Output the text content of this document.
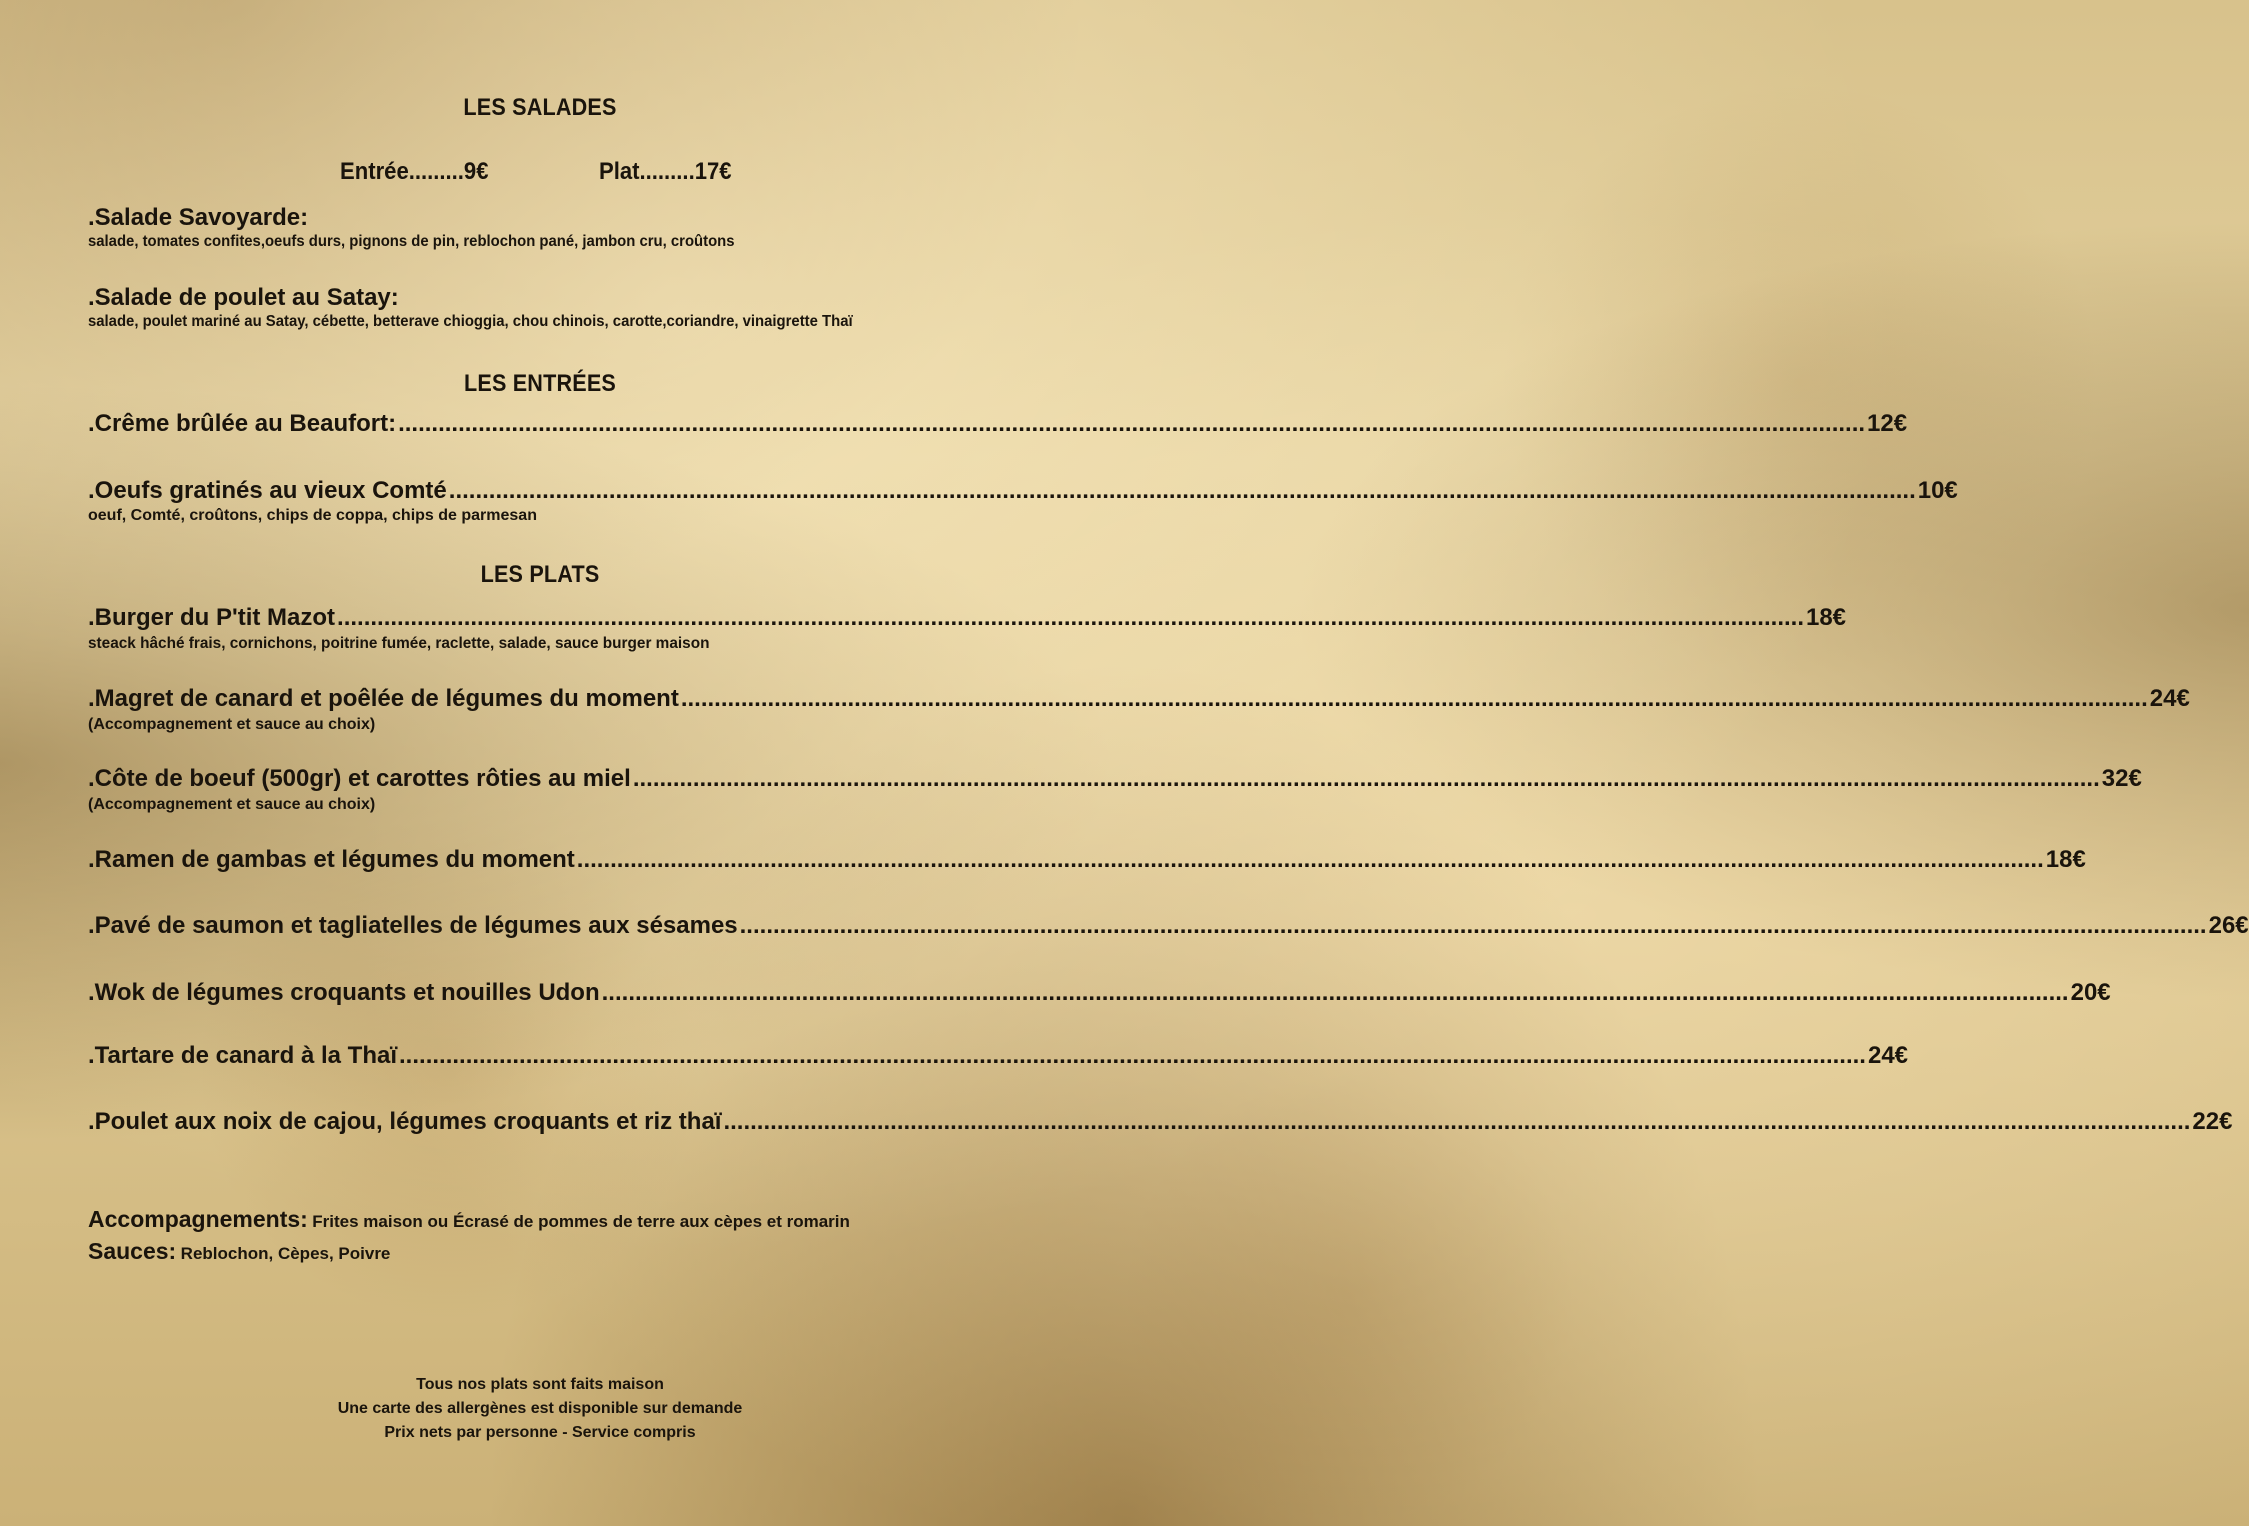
LES SALADES
Entrée.........9€	Plat.........17€
.Salade Savoyarde:
salade, tomates confites,oeufs durs, pignons de pin, reblochon pané, jambon cru, croûtons
.Salade de poulet au Satay:
salade, poulet mariné au Satay, cébette, betterave chioggia, chou chinois, carotte,coriandre, vinaigrette Thaï
LES ENTRÉES
.Crême brûlée au Beaufort: ............................................................................................................................................................................................................................ 12€
.Oeufs gratinés au vieux Comté ............................................................................................................................................................................................................................ 10€
oeuf, Comté, croûtons, chips de coppa, chips de parmesan
LES PLATS
.Burger du P'tit Mazot ............................................................................................................................................................................................................................ 18€
steack hâché frais, cornichons, poitrine fumée, raclette, salade, sauce burger maison
.Magret de canard et poêlée de légumes du moment ............................................................................................................................................................................................................................ 24€
(Accompagnement et sauce au choix)
.Côte de boeuf (500gr) et carottes rôties au miel ............................................................................................................................................................................................................................ 32€
(Accompagnement et sauce au choix)
.Ramen de gambas et légumes du moment ............................................................................................................................................................................................................................ 18€
.Pavé de saumon et tagliatelles de légumes aux sésames ............................................................................................................................................................................................................................ 26€
.Wok de légumes croquants et nouilles Udon ............................................................................................................................................................................................................................ 20€
.Tartare de canard à la Thaï ............................................................................................................................................................................................................................ 24€
.Poulet aux noix de cajou, légumes croquants et riz thaï ............................................................................................................................................................................................................................ 22€
Accompagnements: Frites maison ou Écrasé de pommes de terre aux cèpes et romarin
Sauces: Reblochon, Cèpes, Poivre
Tous nos plats sont faits maison
Une carte des allergènes est disponible sur demande
Prix nets par personne - Service compris
